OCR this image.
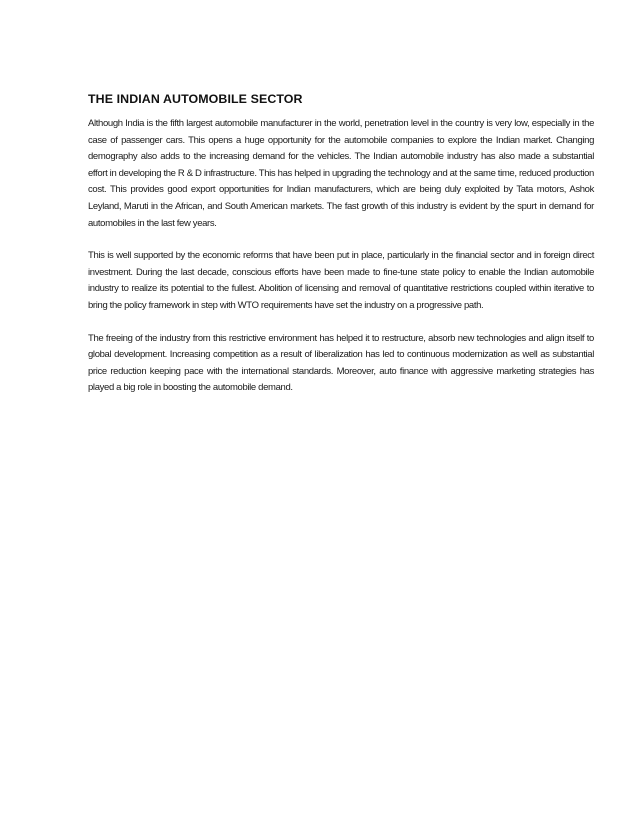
THE INDIAN AUTOMOBILE SECTOR

Although India is the fifth largest automobile manufacturer in the world, penetration level in the country is very low, especially in the case of passenger cars. This opens a huge opportunity for the automobile companies to explore the Indian market. Changing demography also adds to the increasing demand for the vehicles. The Indian automobile industry has also made a substantial effort in developing the R & D infrastructure. This has helped in upgrading the technology and at the same time, reduced production cost. This provides good export opportunities for Indian manufacturers, which are being duly exploited by Tata motors, Ashok Leyland, Maruti in the African, and South American markets. The fast growth of this industry is evident by the spurt in demand for automobiles in the last few years.

This is well supported by the economic reforms that have been put in place, particularly in the financial sector and in foreign direct investment. During the last decade, conscious efforts have been made to fine-tune state policy to enable the Indian automobile industry to realize its potential to the fullest. Abolition of licensing and removal of quantitative restrictions coupled within iterative to bring the policy framework in step with WTO requirements have set the industry on a progressive path.

The freeing of the industry from this restrictive environment has helped it to restructure, absorb new technologies and align itself to global development. Increasing competition as a result of liberalization has led to continuous modernization as well as substantial price reduction keeping pace with the international standards. Moreover, auto finance with aggressive marketing strategies has played a big role in boosting the automobile demand.
